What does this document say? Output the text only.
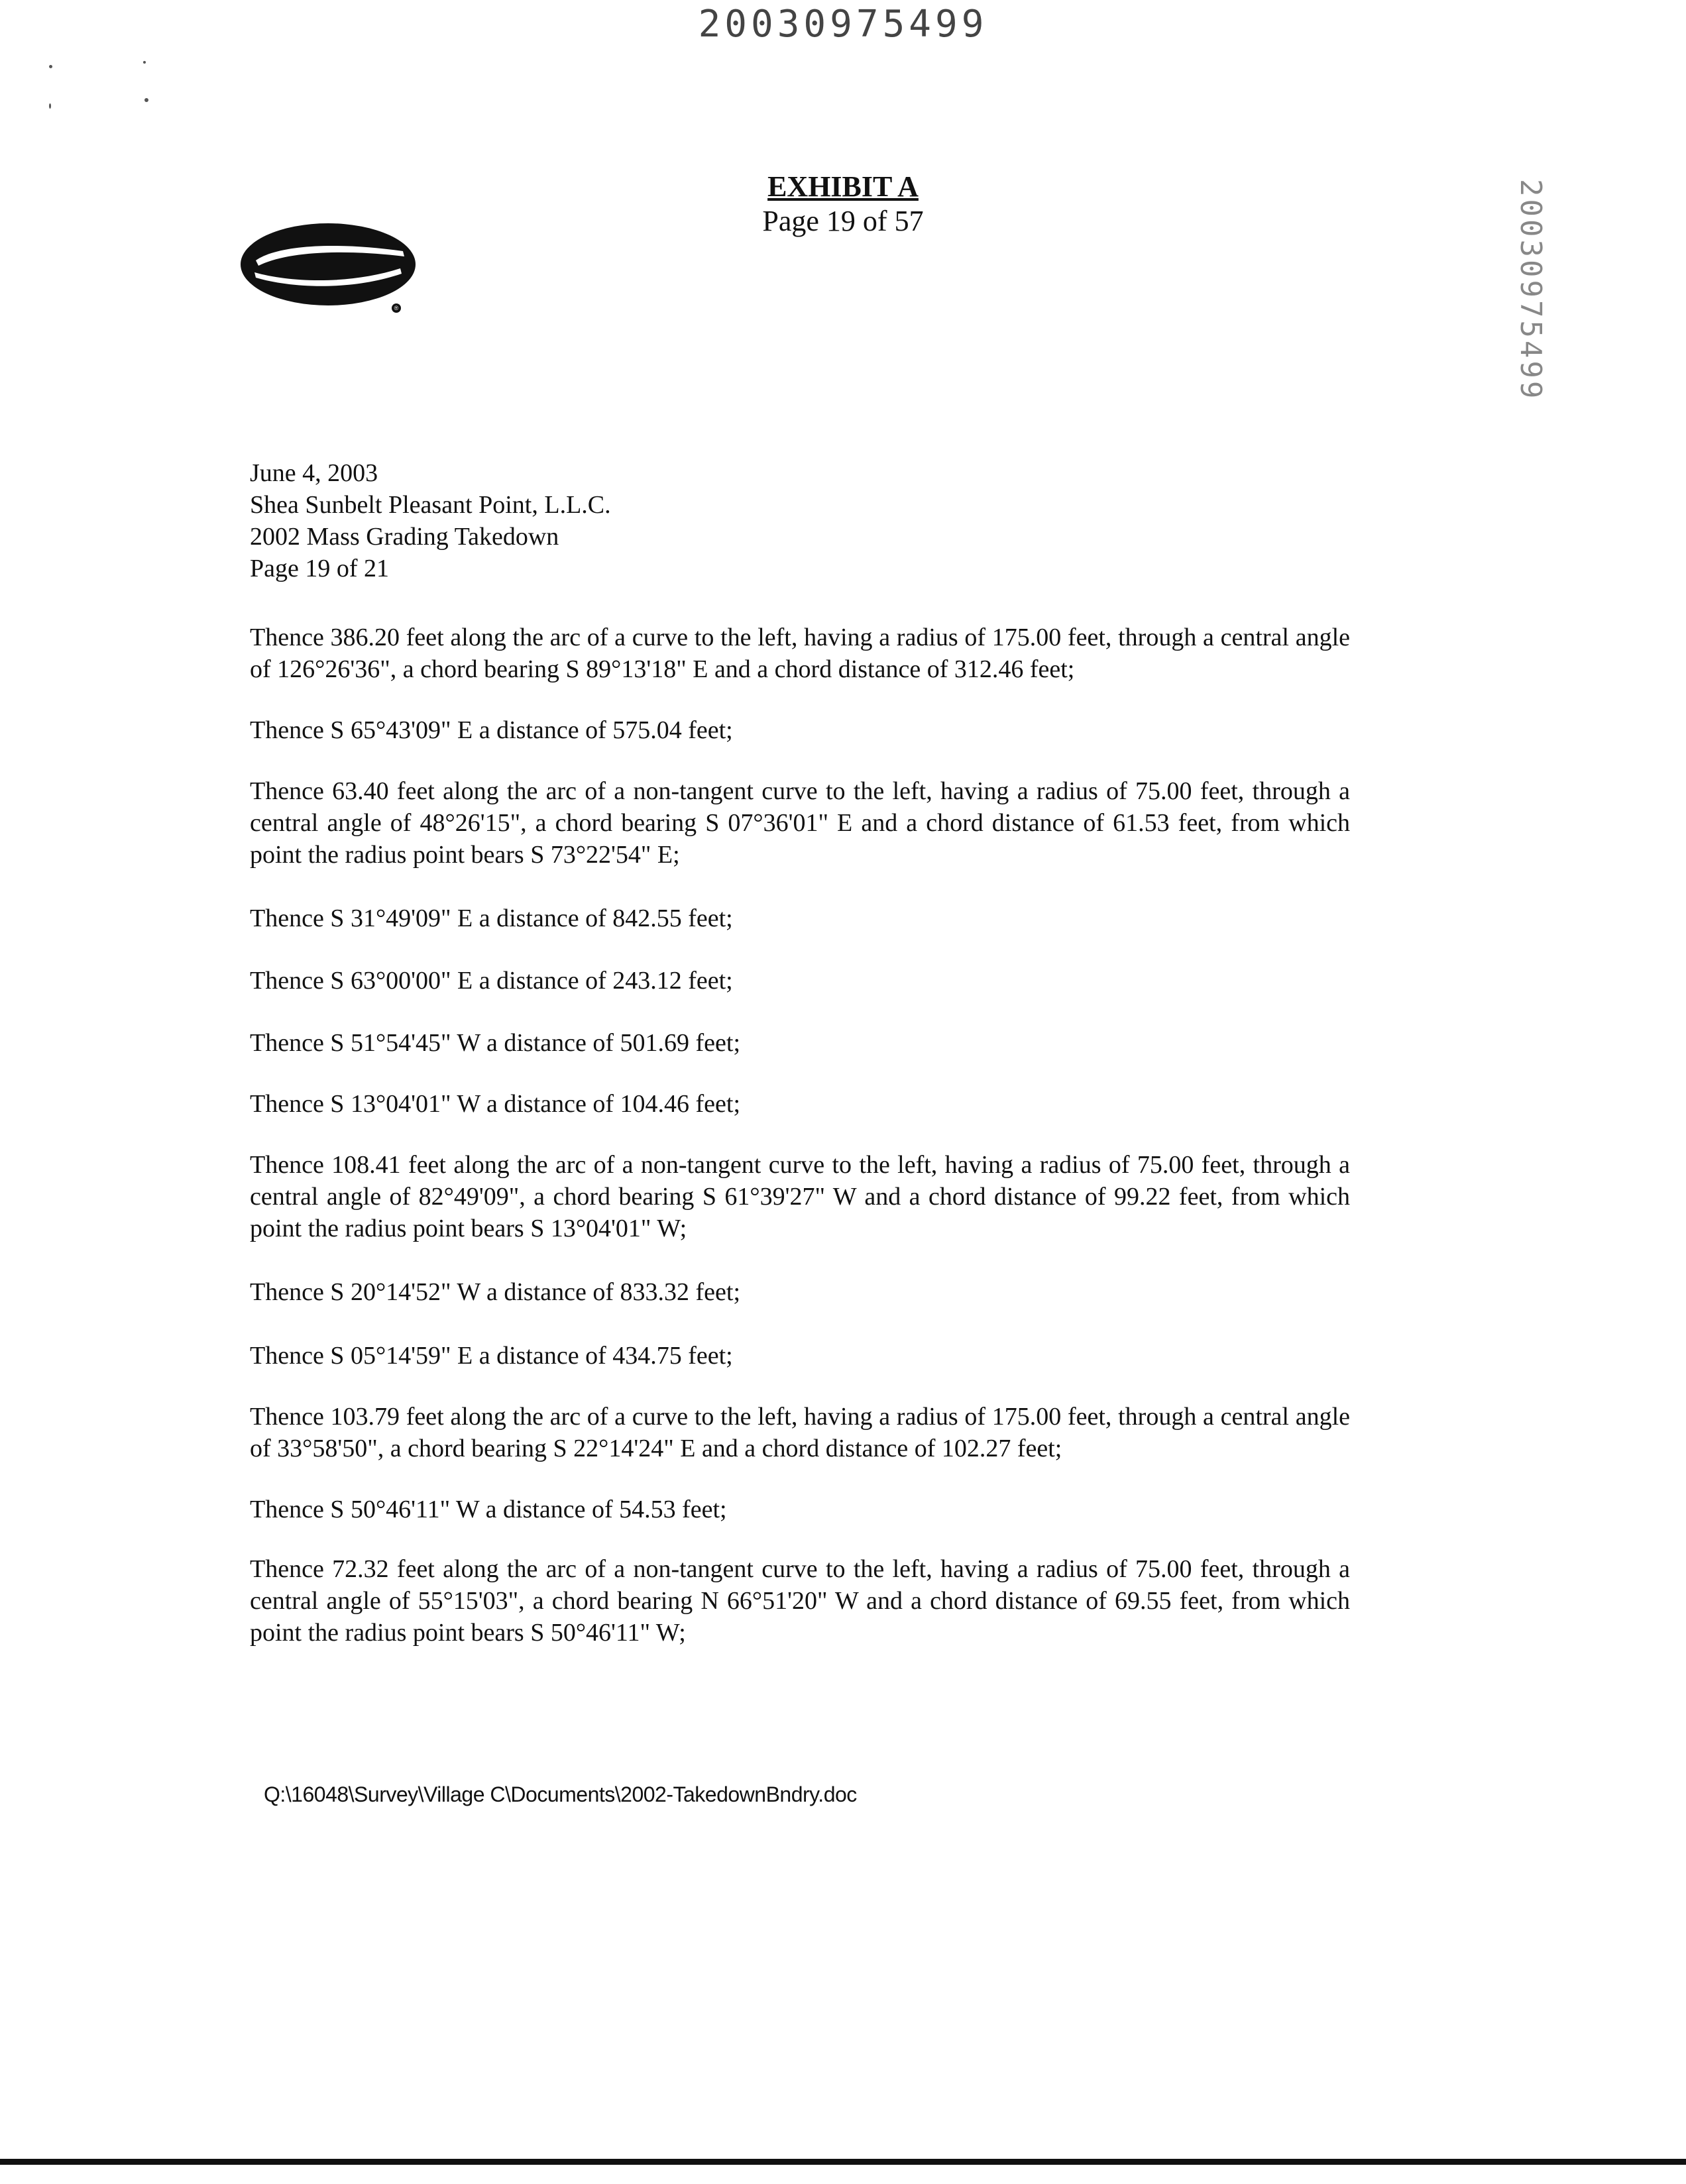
20030975499
20030975499
EXHIBIT A
Page 19 of 57
®
June 4, 2003
Shea Sunbelt Pleasant Point, L.L.C.
2002 Mass Grading Takedown
Page 19 of 21
Thence 386.20 feet along the arc of a curve to the left, having a radius of 175.00 feet, through a central angle of 126°26'36", a chord bearing S 89°13'18" E and a chord distance of 312.46 feet;
Thence S 65°43'09" E a distance of 575.04 feet;
Thence 63.40 feet along the arc of a non-tangent curve to the left, having a radius of 75.00 feet, through a central angle of 48°26'15", a chord bearing S 07°36'01" E and a chord distance of 61.53 feet, from which point the radius point bears S 73°22'54" E;
Thence S 31°49'09" E a distance of 842.55 feet;
Thence S 63°00'00" E a distance of 243.12 feet;
Thence S 51°54'45" W a distance of 501.69 feet;
Thence S 13°04'01" W a distance of 104.46 feet;
Thence 108.41 feet along the arc of a non-tangent curve to the left, having a radius of 75.00 feet, through a central angle of 82°49'09", a chord bearing S 61°39'27" W and a chord distance of 99.22 feet, from which point the radius point bears S 13°04'01" W;
Thence S 20°14'52" W a distance of 833.32 feet;
Thence S 05°14'59" E a distance of 434.75 feet;
Thence 103.79 feet along the arc of a curve to the left, having a radius of 175.00 feet, through a central angle of 33°58'50", a chord bearing S 22°14'24" E and a chord distance of 102.27 feet;
Thence S 50°46'11" W a distance of 54.53 feet;
Thence 72.32 feet along the arc of a non-tangent curve to the left, having a radius of 75.00 feet, through a central angle of 55°15'03", a chord bearing N 66°51'20" W and a chord distance of 69.55 feet, from which point the radius point bears S 50°46'11" W;
Q:\16048\Survey\Village C\Documents\2002-TakedownBndry.doc
